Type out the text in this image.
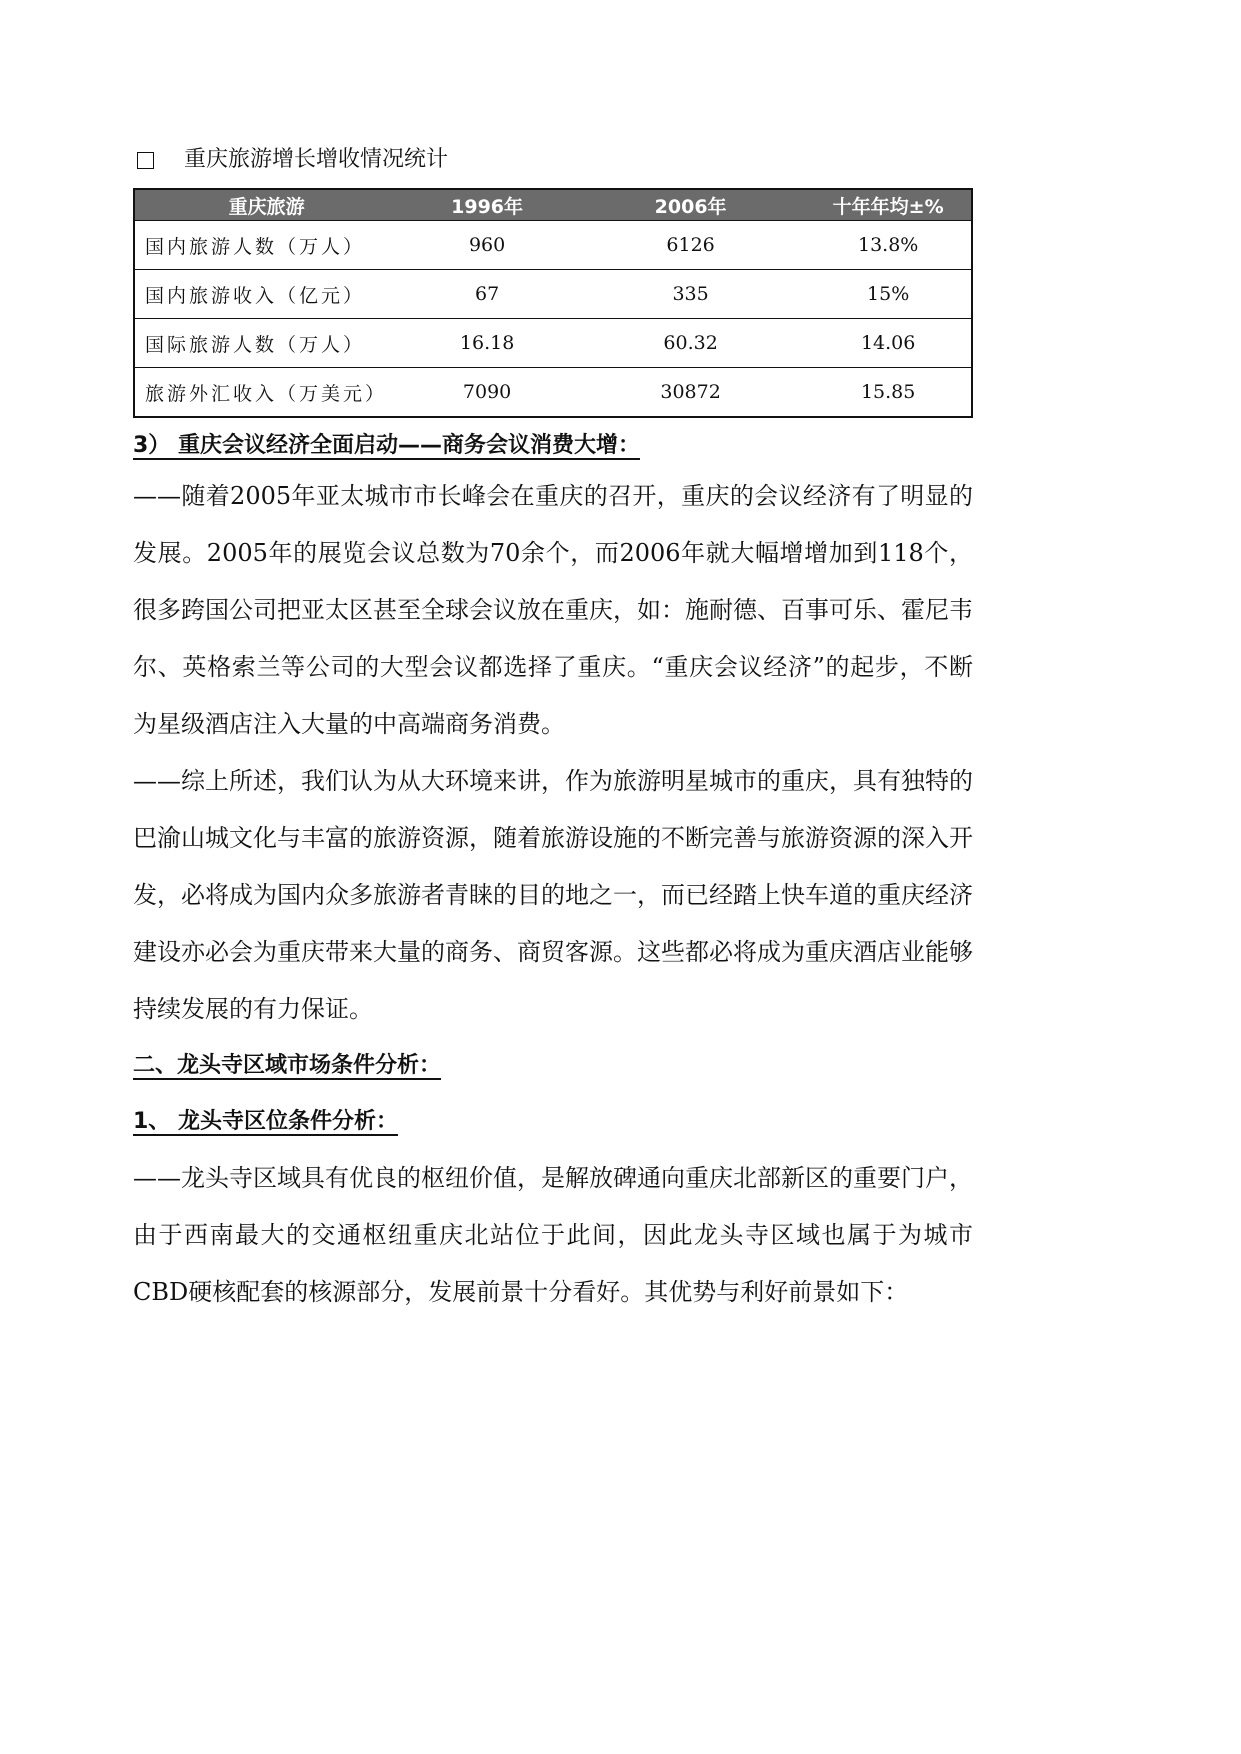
重庆旅游增长增收情况统计
重庆旅游	1996年	2006年	十年年均±%
国内旅游人数（万人）	960	6126	13.8%
国内旅游收入（亿元）	67	335	15%
国际旅游人数（万人）	16.18	60.32	14.06
旅游外汇收入（万美元）	7090	30872	15.85
3） 重庆会议经济全面启动——商务会议消费大增：
——随着2005年亚太城市市长峰会在重庆的召开，重庆的会议经济有了明显的发展。2005年的展览会议总数为70余个，而2006年就大幅增增加到118个，很多跨国公司把亚太区甚至全球会议放在重庆，如：施耐德、百事可乐、霍尼韦尔、英格索兰等公司的大型会议都选择了重庆。“重庆会议经济”的起步，不断为星级酒店注入大量的中高端商务消费。
——综上所述，我们认为从大环境来讲，作为旅游明星城市的重庆，具有独特的巴渝山城文化与丰富的旅游资源，随着旅游设施的不断完善与旅游资源的深入开发，必将成为国内众多旅游者青睐的目的地之一，而已经踏上快车道的重庆经济建设亦必会为重庆带来大量的商务、商贸客源。这些都必将成为重庆酒店业能够持续发展的有力保证。
二、龙头寺区域市场条件分析：
1、 龙头寺区位条件分析：
——龙头寺区域具有优良的枢纽价值，是解放碑通向重庆北部新区的重要门户，由于西南最大的交通枢纽重庆北站位于此间，因此龙头寺区域也属于为城市CBD硬核配套的核源部分，发展前景十分看好。其优势与利好前景如下：
